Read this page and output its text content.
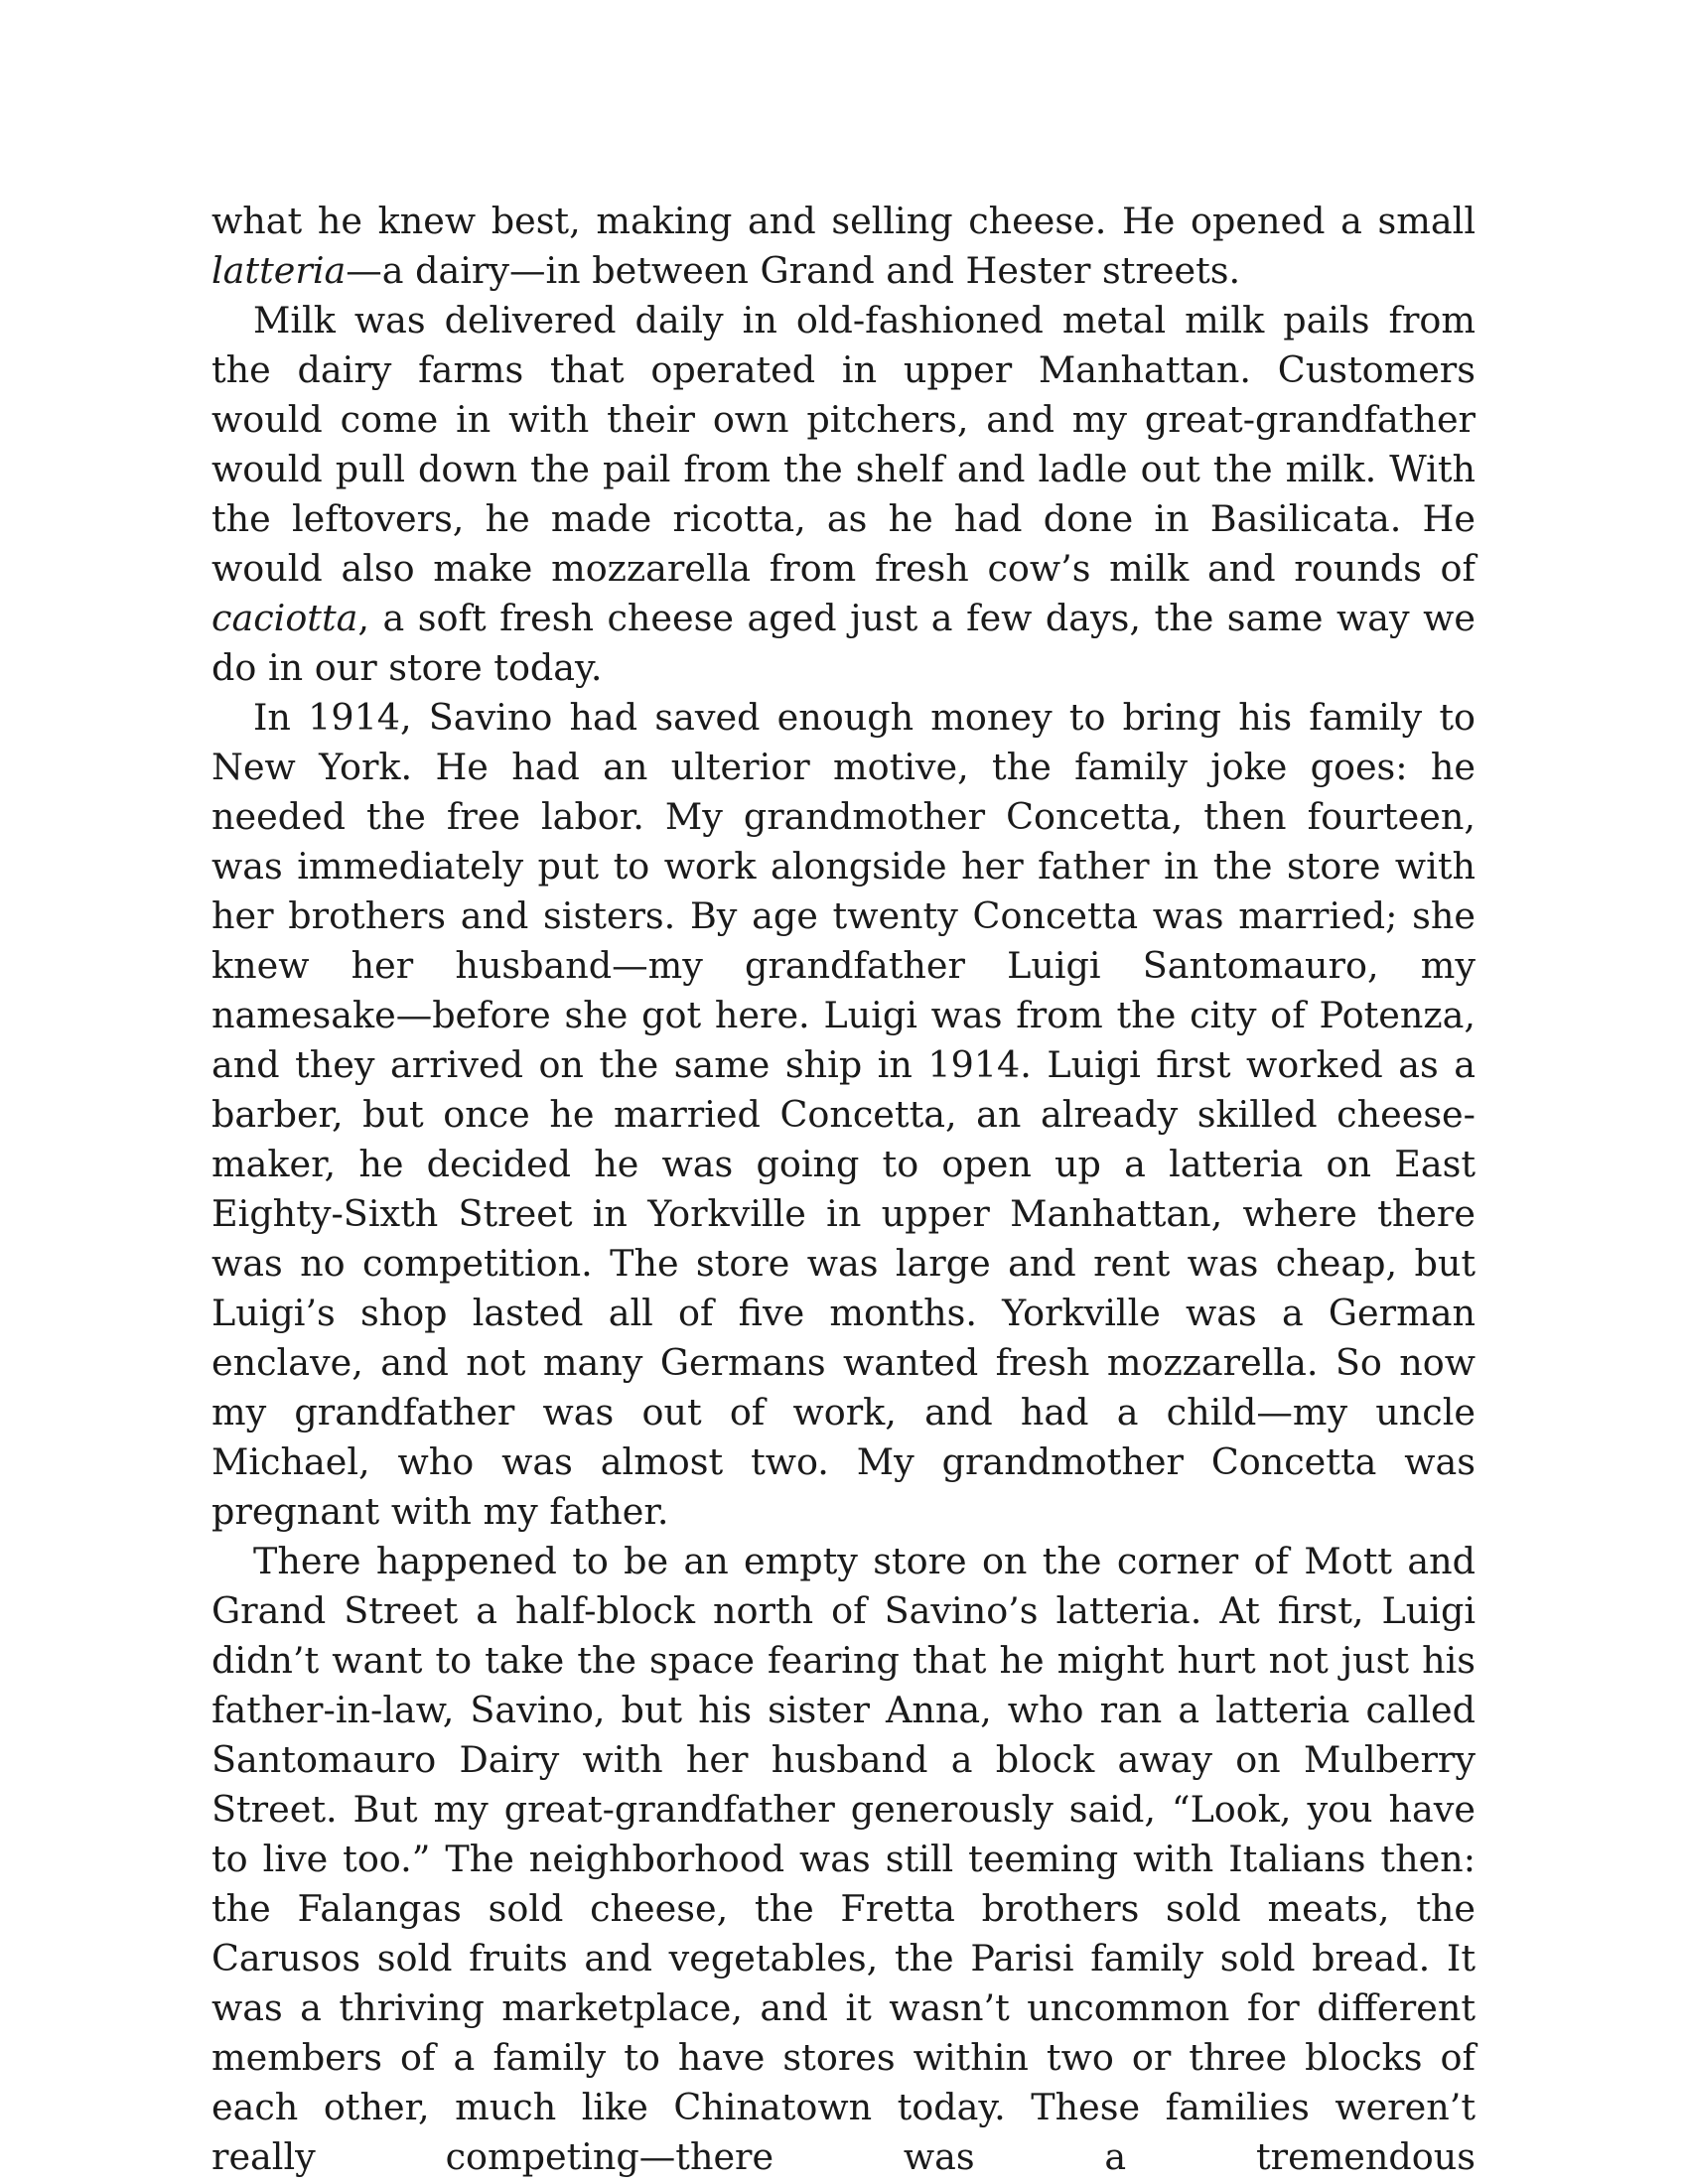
what he knew best, making and selling cheese. He opened a small latteria—a dairy—in between Grand and Hester streets.

Milk was delivered daily in old-fashioned metal milk pails from the dairy farms that operated in upper Manhattan. Customers would come in with their own pitchers, and my great-grandfather would pull down the pail from the shelf and ladle out the milk. With the leftovers, he made ricotta, as he had done in Basilicata. He would also make mozzarella from fresh cow’s milk and rounds of caciotta, a soft fresh cheese aged just a few days, the same way we do in our store today.

In 1914, Savino had saved enough money to bring his family to New York. He had an ulterior motive, the family joke goes: he needed the free labor. My grandmother Concetta, then fourteen, was immediately put to work alongside her father in the store with her brothers and sisters. By age twenty Concetta was married; she knew her husband—my grandfather Luigi Santomauro, my namesake—before she got here. Luigi was from the city of Potenza, and they arrived on the same ship in 1914. Luigi first worked as a barber, but once he married Concetta, an already skilled cheese-maker, he decided he was going to open up a latteria on East Eighty-Sixth Street in Yorkville in upper Manhattan, where there was no competition. The store was large and rent was cheap, but Luigi’s shop lasted all of five months. Yorkville was a German enclave, and not many Germans wanted fresh mozzarella. So now my grandfather was out of work, and had a child—my uncle Michael, who was almost two. My grandmother Concetta was pregnant with my father.

There happened to be an empty store on the corner of Mott and Grand Street a half-block north of Savino’s latteria. At first, Luigi didn’t want to take the space fearing that he might hurt not just his father-in-law, Savino, but his sister Anna, who ran a latteria called Santomauro Dairy with her husband a block away on Mulberry Street. But my great-grandfather generously said, “Look, you have to live too.” The neighborhood was still teeming with Italians then: the Falangas sold cheese, the Fretta brothers sold meats, the Carusos sold fruits and vegetables, the Parisi family sold bread. It was a thriving marketplace, and it wasn’t uncommon for different members of a family to have stores within two or three blocks of each other, much like Chinatown today. These families weren’t really competing—there was a tremendous
